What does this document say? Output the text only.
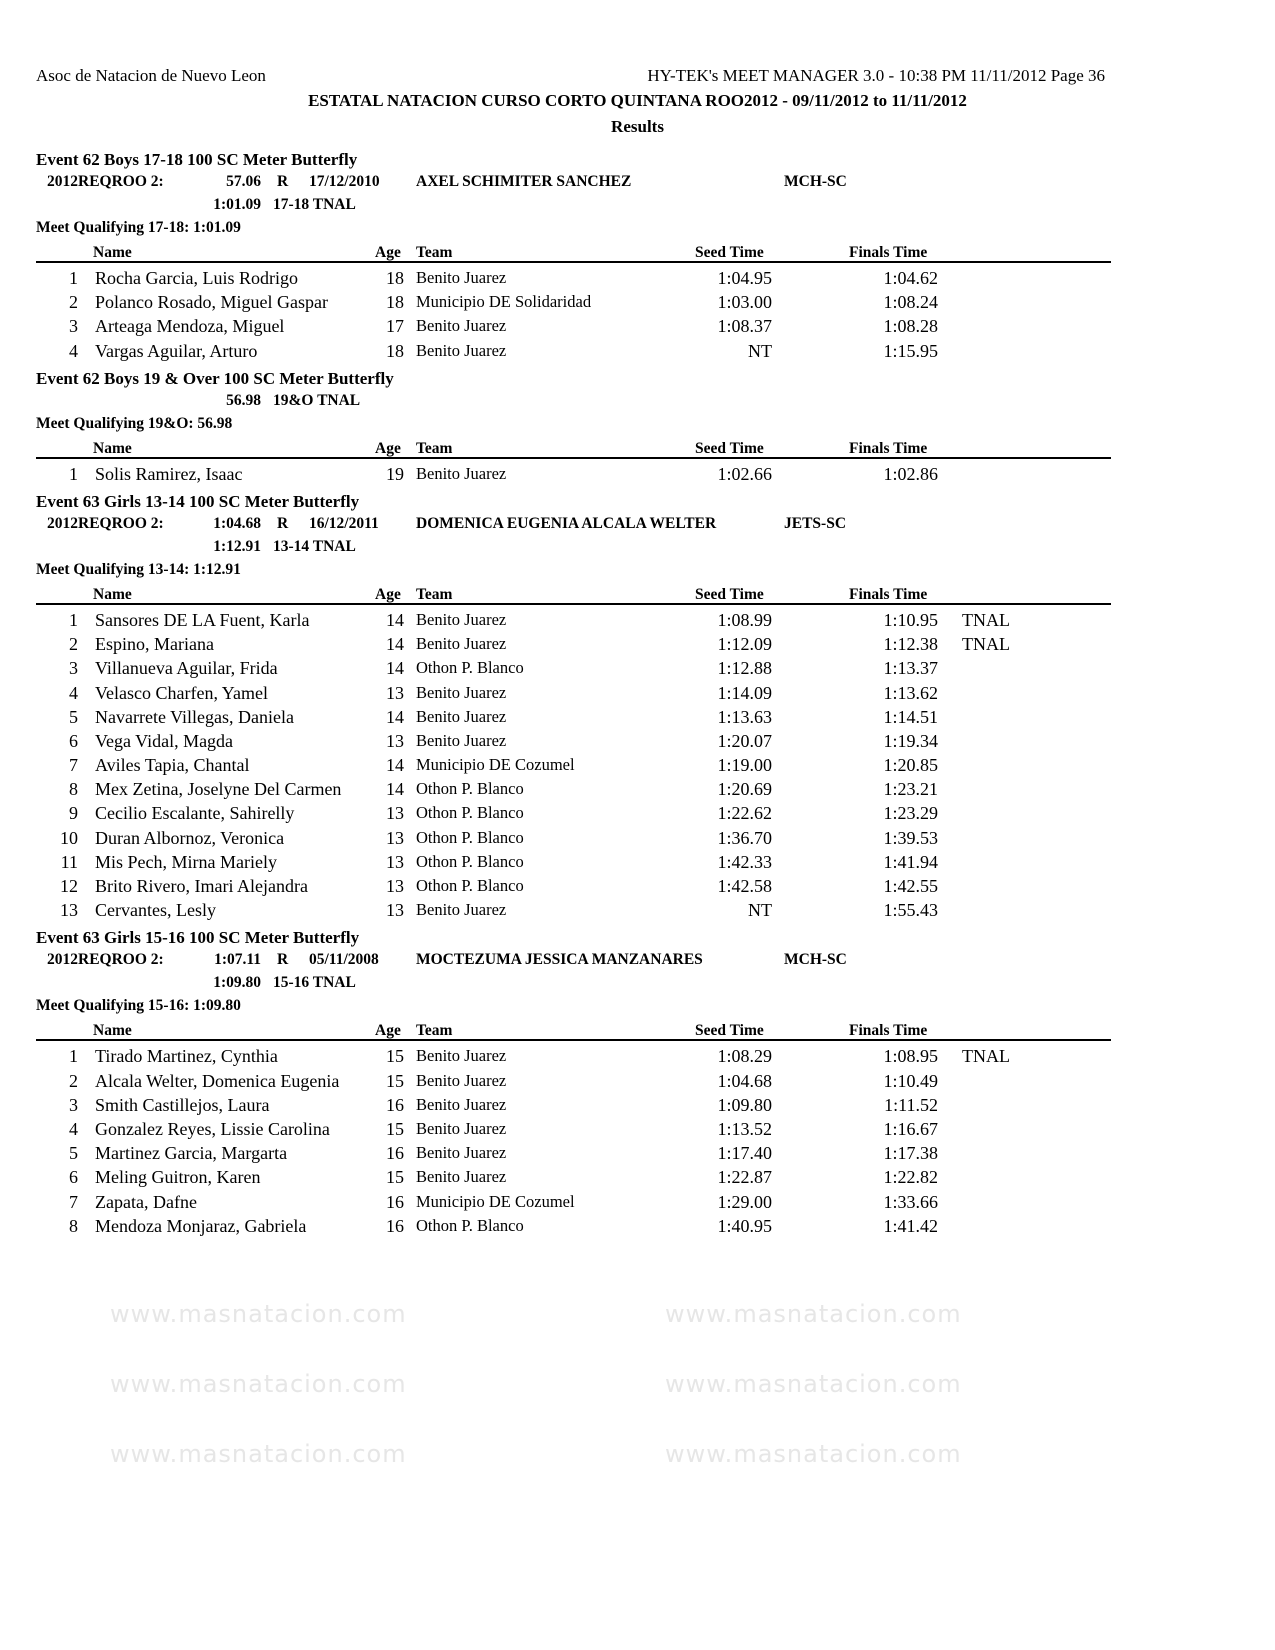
Asoc de Natacion de Nuevo Leon	HY-TEK's MEET MANAGER 3.0 - 10:38 PM 11/11/2012 Page 36
ESTATAL NATACION CURSO CORTO QUINTANA ROO2012 - 09/11/2012 to 11/11/2012
Results
www.masnatacion.com	www.masnatacion.com
www.masnatacion.com	www.masnatacion.com
www.masnatacion.com	www.masnatacion.com
Event 62 Boys 17-18 100 SC Meter Butterfly
2012REQROO 2:	57.06 R 17/12/2010 AXEL SCHIMITER SANCHEZ	MCH-SC
1:01.09 17-18 TNAL
Meet Qualifying 17-18: 1:01.09
Name	Age Team	Seed Time	Finals Time
1 Rocha Garcia, Luis Rodrigo	18 Benito Juarez	1:04.95	1:04.62
2 Polanco Rosado, Miguel Gaspar	18 Municipio DE Solidaridad	1:03.00	1:08.24
3 Arteaga Mendoza, Miguel	17 Benito Juarez	1:08.37	1:08.28
4 Vargas Aguilar, Arturo	18 Benito Juarez	NT	1:15.95
Event 62 Boys 19 & Over 100 SC Meter Butterfly
56.98 19&O TNAL
Meet Qualifying 19&O: 56.98
Name	Age Team	Seed Time	Finals Time
1 Solis Ramirez, Isaac	19 Benito Juarez	1:02.66	1:02.86
Event 63 Girls 13-14 100 SC Meter Butterfly
2012REQROO 2:	1:04.68 R 16/12/2011 DOMENICA EUGENIA ALCALA WELTER	JETS-SC
1:12.91 13-14 TNAL
Meet Qualifying 13-14: 1:12.91
Name	Age Team	Seed Time	Finals Time
1 Sansores DE LA Fuent, Karla	14 Benito Juarez	1:08.99	1:10.95 TNAL
2 Espino, Mariana	14 Benito Juarez	1:12.09	1:12.38 TNAL
3 Villanueva Aguilar, Frida	14 Othon P. Blanco	1:12.88	1:13.37
4 Velasco Charfen, Yamel	13 Benito Juarez	1:14.09	1:13.62
5 Navarrete Villegas, Daniela	14 Benito Juarez	1:13.63	1:14.51
6 Vega Vidal, Magda	13 Benito Juarez	1:20.07	1:19.34
7 Aviles Tapia, Chantal	14 Municipio DE Cozumel	1:19.00	1:20.85
8 Mex Zetina, Joselyne Del Carmen 14 Othon P. Blanco	1:20.69	1:23.21
9 Cecilio Escalante, Sahirelly	13 Othon P. Blanco	1:22.62	1:23.29
10 Duran Albornoz, Veronica	13 Othon P. Blanco	1:36.70	1:39.53
11 Mis Pech, Mirna Mariely	13 Othon P. Blanco	1:42.33	1:41.94
12 Brito Rivero, Imari Alejandra	13 Othon P. Blanco	1:42.58	1:42.55
13 Cervantes, Lesly	13 Benito Juarez	NT	1:55.43
Event 63 Girls 15-16 100 SC Meter Butterfly
2012REQROO 2:	1:07.11 R 05/11/2008 MOCTEZUMA JESSICA MANZANARES	MCH-SC
1:09.80 15-16 TNAL
Meet Qualifying 15-16: 1:09.80
Name	Age Team	Seed Time	Finals Time
1 Tirado Martinez, Cynthia	15 Benito Juarez	1:08.29	1:08.95 TNAL
2 Alcala Welter, Domenica Eugenia	15 Benito Juarez	1:04.68	1:10.49
3 Smith Castillejos, Laura	16 Benito Juarez	1:09.80	1:11.52
4 Gonzalez Reyes, Lissie Carolina	15 Benito Juarez	1:13.52	1:16.67
5 Martinez Garcia, Margarta	16 Benito Juarez	1:17.40	1:17.38
6 Meling Guitron, Karen	15 Benito Juarez	1:22.87	1:22.82
7 Zapata, Dafne	16 Municipio DE Cozumel	1:29.00	1:33.66
8 Mendoza Monjaraz, Gabriela	16 Othon P. Blanco	1:40.95	1:41.42
